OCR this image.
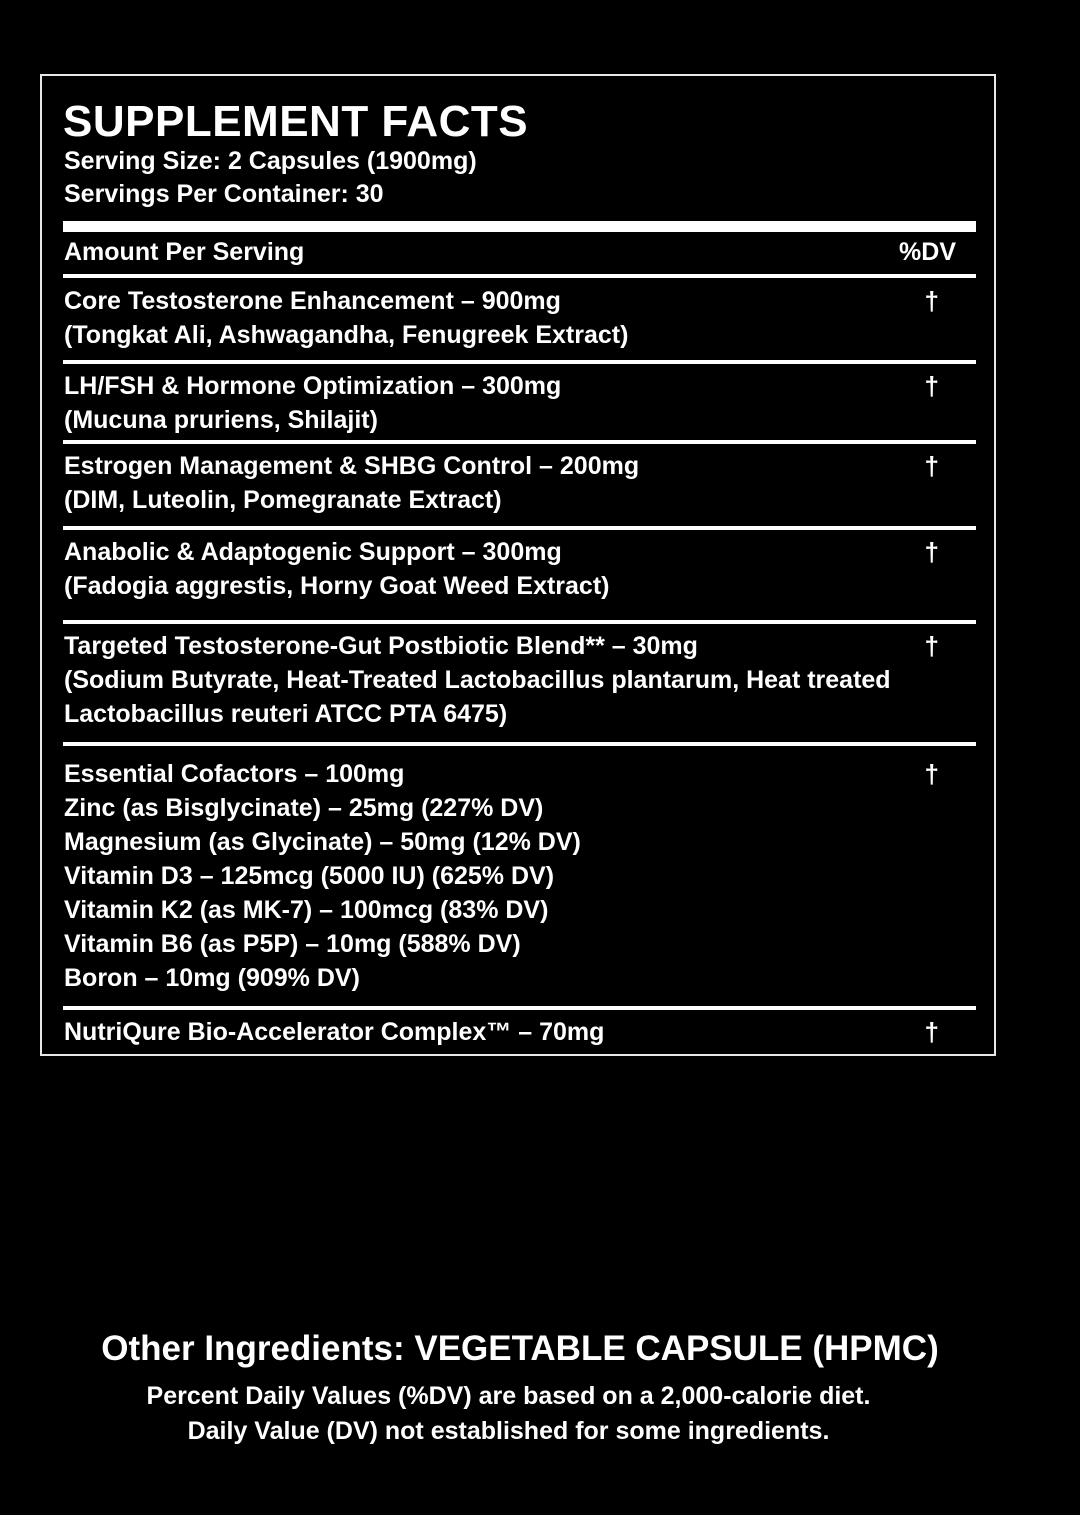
SUPPLEMENT FACTS
Serving Size: 2 Capsules (1900mg)
Servings Per Container: 30
Amount Per Serving	%DV
Core Testosterone Enhancement – 900mg
(Tongkat Ali, Ashwagandha, Fenugreek Extract)
†
LH/FSH & Hormone Optimization – 300mg
(Mucuna pruriens, Shilajit)
†
Estrogen Management & SHBG Control – 200mg
(DIM, Luteolin, Pomegranate Extract)
†
Anabolic & Adaptogenic Support – 300mg
(Fadogia aggrestis, Horny Goat Weed Extract)
†
Targeted Testosterone-Gut Postbiotic Blend** – 30mg
(Sodium Butyrate, Heat-Treated Lactobacillus plantarum, Heat treated
Lactobacillus reuteri ATCC PTA 6475)
†
Essential Cofactors – 100mg
Zinc (as Bisglycinate) – 25mg (227% DV)
Magnesium (as Glycinate) – 50mg (12% DV)
Vitamin D3 – 125mcg (5000 IU) (625% DV)
Vitamin K2 (as MK-7) – 100mcg (83% DV)
Vitamin B6 (as P5P) – 10mg (588% DV)
Boron – 10mg (909% DV)
†
NutriQure Bio-Accelerator Complex™ – 70mg	†
Other Ingredients: VEGETABLE CAPSULE (HPMC)
Percent Daily Values (%DV) are based on a 2,000-calorie diet.
Daily Value (DV) not established for some ingredients.
